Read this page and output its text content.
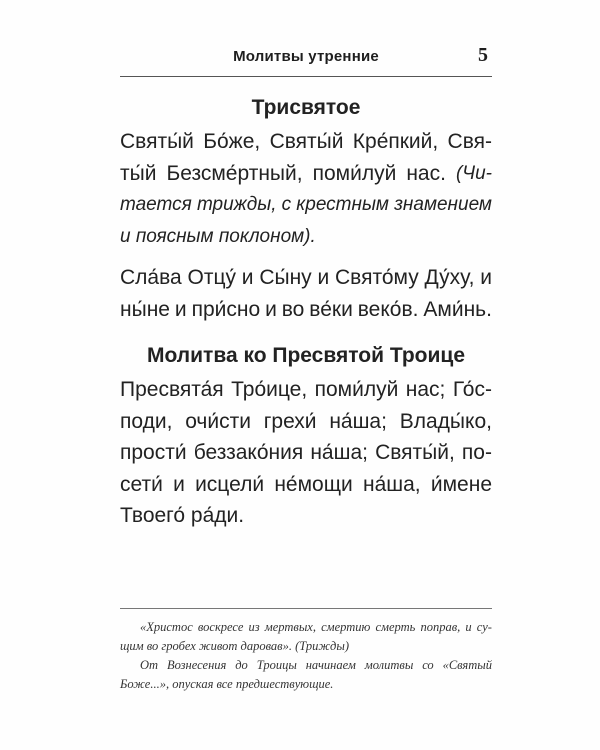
Молитвы утренние	5
Трисвятое
Святы́й Бо́же, Святы́й Кре́пкий, Свя-
ты́й Безсме́ртный, поми́луй нас. (Чи-
тается трижды, с крестным знамением
и поясным поклоном).
Сла́ва Отцу́ и Сы́ну и Свято́му Ду́ху, и
ны́не и при́сно и во ве́ки веко́в. Ами́нь.
Молитва ко Пресвятой Троице
Пресвята́я Тро́ице, поми́луй нас; Го́с-
поди, очи́сти грехи́ на́ша; Влады́ко,
прости́ беззако́ния на́ша; Святы́й, по-
сети́ и исцели́ не́мощи на́ша, и́мене
Твоего́ ра́ди.
«Христос воскресе из мертвых, смертию смерть поправ, и су-
щим во гробех живот даровав». (Трижды)
От Вознесения до Троицы начинаем молитвы со «Святый
Боже...», опуская все предшествующие.
